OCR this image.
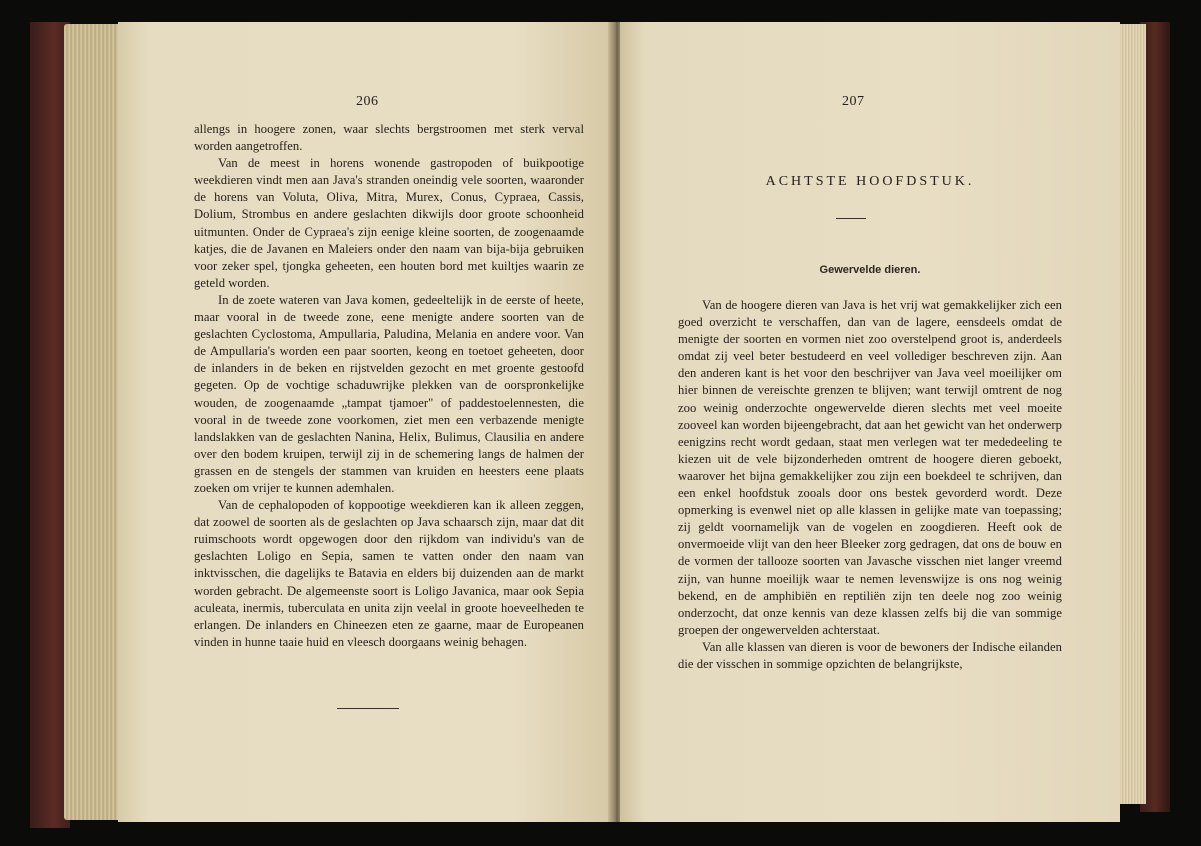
206

allengs in hoogere zonen, waar slechts bergstroomen met sterk verval worden aangetroffen.

Van de meest in horens wonende gastropoden of buikpootige weekdieren vindt men aan Java's stranden oneindig vele soorten, waaronder de horens van Voluta, Oliva, Mitra, Murex, Conus, Cypraea, Cassis, Dolium, Strombus en andere geslachten dikwijls door groote schoonheid uitmunten. Onder de Cypraea's zijn eenige kleine soorten, de zoogenaamde katjes, die de Javanen en Maleiers onder den naam van bija-bija gebruiken voor zeker spel, tjongka geheeten, een houten bord met kuiltjes waarin ze geteld worden.

In de zoete wateren van Java komen, gedeeltelijk in de eerste of heete, maar vooral in de tweede zone, eene menigte andere soorten van de geslachten Cyclostoma, Ampullaria, Paludina, Melania en andere voor. Van de Ampullaria's worden een paar soorten, keong en toetoet geheeten, door de inlanders in de beken en rijstvelden gezocht en met groente gestoofd gegeten. Op de vochtige schaduwrijke plekken van de oorspronkelijke wouden, de zoogenaamde „tampat tjamoer" of paddestoelennesten, die vooral in de tweede zone voorkomen, ziet men een verbazende menigte landslakken van de geslachten Nanina, Helix, Bulimus, Clausilia en andere over den bodem kruipen, terwijl zij in de schemering langs de halmen der grassen en de stengels der stammen van kruiden en heesters eene plaats zoeken om vrijer te kunnen ademhalen.

Van de cephalopoden of koppootige weekdieren kan ik alleen zeggen, dat zoowel de soorten als de geslachten op Java schaarsch zijn, maar dat dit ruimschoots wordt opgewogen door den rijkdom van individu's van de geslachten Loligo en Sepia, samen te vatten onder den naam van inktvisschen, die dagelijks te Batavia en elders bij duizenden aan de markt worden gebracht. De algemeenste soort is Loligo Javanica, maar ook Sepia aculeata, inermis, tuberculata en unita zijn veelal in groote hoeveelheden te erlangen. De inlanders en Chineezen eten ze gaarne, maar de Europeanen vinden in hunne taaie huid en vleesch doorgaans weinig behagen.

207
ACHTSTE HOOFDSTUK.
Gewervelde dieren.

Van de hoogere dieren van Java is het vrij wat gemakkelijker zich een goed overzicht te verschaffen, dan van de lagere, eensdeels omdat de menigte der soorten en vormen niet zoo overstelpend groot is, anderdeels omdat zij veel beter bestudeerd en veel vollediger beschreven zijn. Aan den anderen kant is het voor den beschrijver van Java veel moeilijker om hier binnen de vereischte grenzen te blijven; want terwijl omtrent de nog zoo weinig onderzochte ongewervelde dieren slechts met veel moeite zooveel kan worden bijeengebracht, dat aan het gewicht van het onderwerp eenigzins recht wordt gedaan, staat men verlegen wat ter mededeeling te kiezen uit de vele bijzonderheden omtrent de hoogere dieren geboekt, waarover het bijna gemakkelijker zou zijn een boekdeel te schrijven, dan een enkel hoofdstuk zooals door ons bestek gevorderd wordt. Deze opmerking is evenwel niet op alle klassen in gelijke mate van toepassing; zij geldt voornamelijk van de vogelen en zoogdieren. Heeft ook de onvermoeide vlijt van den heer Bleeker zorg gedragen, dat ons de bouw en de vormen der tallooze soorten van Javasche visschen niet langer vreemd zijn, van hunne moeilijk waar te nemen levenswijze is ons nog weinig bekend, en de amphibiën en reptiliën zijn ten deele nog zoo weinig onderzocht, dat onze kennis van deze klassen zelfs bij die van sommige groepen der ongewervelden achterstaat.

Van alle klassen van dieren is voor de bewoners der Indische eilanden die der visschen in sommige opzichten de belangrijkste,
